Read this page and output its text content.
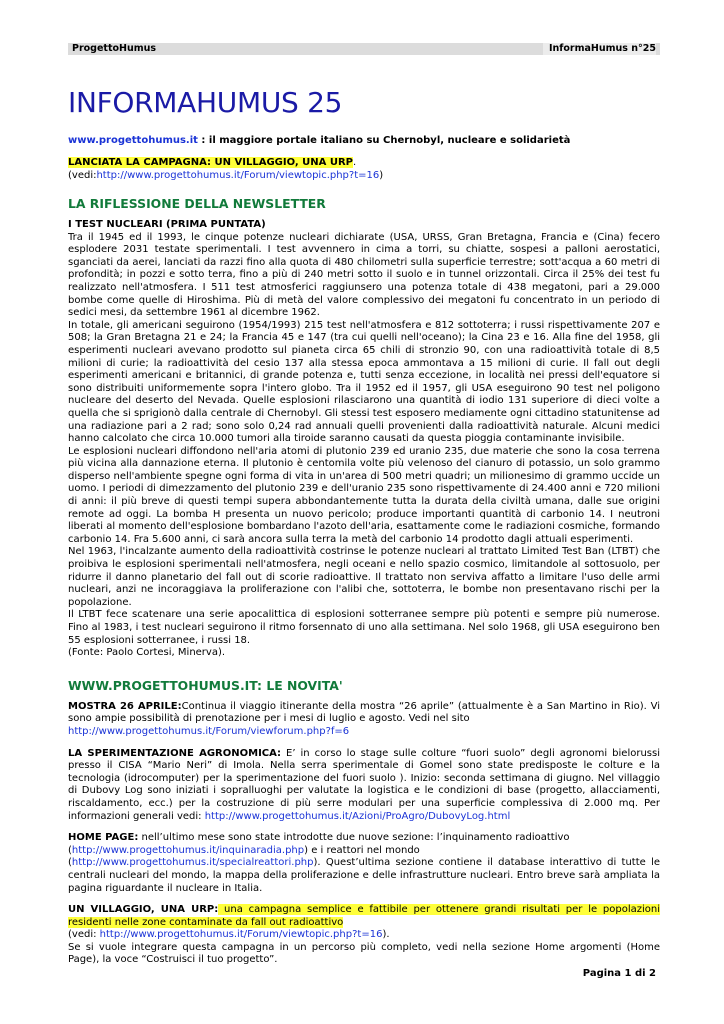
ProgettoHumus	InformaHumus n°25
INFORMAHUMUS 25
www.progettohumus.it : il maggiore portale italiano su Chernobyl, nucleare e solidarietà
LANCIATA LA CAMPAGNA: UN VILLAGGIO, UNA URP.
(vedi:http://www.progettohumus.it/Forum/viewtopic.php?t=16)
LA RIFLESSIONE DELLA NEWSLETTER

I TEST NUCLEARI (PRIMA PUNTATA)

Tra il 1945 ed il 1993, le cinque potenze nucleari dichiarate (USA, URSS, Gran Bretagna, Francia e (Cina) fecero esplodere 2031 testate sperimentali. I test avvennero in cima a torri, su chiatte, sospesi a palloni aerostatici, sganciati da aerei, lanciati da razzi fino alla quota di 480 chilometri sulla superficie terrestre; sott'acqua a 60 metri di profondità; in pozzi e sotto terra, fino a più di 240 metri sotto il suolo e in tunnel orizzontali. Circa il 25% dei test fu realizzato nell'atmosfera. I 511 test atmosferici raggiunsero una potenza totale di 438 megatoni, pari a 29.000 bombe come quelle di Hiroshima. Più di metà del valore complessivo dei megatoni fu concentrato in un periodo di sedici mesi, da settembre 1961 al dicembre 1962.

In totale, gli americani seguirono (1954/1993) 215 test nell'atmosfera e 812 sottoterra; i russi rispettivamente 207 e 508; la Gran Bretagna 21 e 24; la Francia 45 e 147 (tra cui quelli nell'oceano); la Cina 23 e 16. Alla fine del 1958, gli esperimenti nucleari avevano prodotto sul pianeta circa 65 chili di stronzio 90, con una radioattività totale di 8,5 milioni di curie; la radioattività del cesio 137 alla stessa epoca ammontava a 15 milioni di curie. Il fall out degli esperimenti americani e britannici, di grande potenza e, tutti senza eccezione, in località nei pressi dell'equatore si sono distribuiti uniformemente sopra l'intero globo. Tra il 1952 ed il 1957, gli USA eseguirono 90 test nel poligono nucleare del deserto del Nevada. Quelle esplosioni rilasciarono una quantità di iodio 131 superiore di dieci volte a quella che si sprigionò dalla centrale di Chernobyl. Gli stessi test esposero mediamente ogni cittadino statunitense ad una radiazione pari a 2 rad; sono solo 0,24 rad annuali quelli provenienti dalla radioattività naturale. Alcuni medici hanno calcolato che circa 10.000 tumori alla tiroide saranno causati da questa pioggia contaminante invisibile.

Le esplosioni nucleari diffondono nell'aria atomi di plutonio 239 ed uranio 235, due materie che sono la cosa terrena più vicina alla dannazione eterna. Il plutonio è centomila volte più velenoso del cianuro di potassio, un solo grammo disperso nell'ambiente spegne ogni forma di vita in un'area di 500 metri quadri; un milionesimo di grammo uccide un uomo. I periodi di dimezzamento del plutonio 239 e dell'uranio 235 sono rispettivamente di 24.400 anni e 720 milioni di anni: il più breve di questi tempi supera abbondantemente tutta la durata della civiltà umana, dalle sue origini remote ad oggi. La bomba H presenta un nuovo pericolo; produce importanti quantità di carbonio 14. I neutroni liberati al momento dell'esplosione bombardano l'azoto dell'aria, esattamente come le radiazioni cosmiche, formando carbonio 14. Fra 5.600 anni, ci sarà ancora sulla terra la metà del carbonio 14 prodotto dagli attuali esperimenti.

Nel 1963, l'incalzante aumento della radioattività costrinse le potenze nucleari al trattato Limited Test Ban (LTBT) che proibiva le esplosioni sperimentali nell'atmosfera, negli oceani e nello spazio cosmico, limitandole al sottosuolo, per ridurre il danno planetario del fall out di scorie radioattive. Il trattato non serviva affatto a limitare l'uso delle armi nucleari, anzi ne incoraggiava la proliferazione con l'alibi che, sottoterra, le bombe non presentavano rischi per la popolazione.

Il LTBT fece scatenare una serie apocalittica di esplosioni sotterranee sempre più potenti e sempre più numerose. Fino al 1983, i test nucleari seguirono il ritmo forsennato di uno alla settimana. Nel solo 1968, gli USA eseguirono ben 55 esplosioni sotterranee, i russi 18.

(Fonte: Paolo Cortesi, Minerva).

WWW.PROGETTOHUMUS.IT: LE NOVITA'

MOSTRA 26 APRILE:Continua il viaggio itinerante della mostra “26 aprile” (attualmente è a San Martino in Rio). Vi sono ampie possibilità di prenotazione per i mesi di luglio e agosto. Vedi nel sito
http://www.progettohumus.it/Forum/viewforum.php?f=6

LA SPERIMENTAZIONE AGRONOMICA: E’ in corso lo stage sulle colture “fuori suolo” degli agronomi bielorussi presso il CISA “Mario Neri” di Imola. Nella serra sperimentale di Gomel sono state predisposte le colture e la tecnologia (idrocomputer) per la sperimentazione del fuori suolo ). Inizio: seconda settimana di giugno. Nel villaggio di Dubovy Log sono iniziati i sopralluoghi per valutate la logistica e le condizioni di base (progetto, allacciamenti, riscaldamento, ecc.) per la costruzione di più serre modulari per una superficie complessiva di 2.000 mq. Per informazioni generali vedi: http://www.progettohumus.it/Azioni/ProAgro/DubovyLog.html

HOME PAGE: nell’ultimo mese sono state introdotte due nuove sezione: l’inquinamento radioattivo
(http://www.progettohumus.it/inquinaradia.php) e i reattori nel mondo
(http://www.progettohumus.it/specialreattori.php). Quest’ultima sezione contiene il database interattivo di tutte le centrali nucleari del mondo, la mappa della proliferazione e delle infrastrutture nucleari. Entro breve sarà ampliata la pagina riguardante il nucleare in Italia.

UN VILLAGGIO, UNA URP: una campagna semplice e fattibile per ottenere grandi risultati per le popolazioni residenti nelle zone contaminate da fall out radioattivo
(vedi: http://www.progettohumus.it/Forum/viewtopic.php?t=16).
Se si vuole integrare questa campagna in un percorso più completo, vedi nella sezione Home argomenti (Home Page), la voce “Costruisci il tuo progetto”.

Pagina 1 di 2
